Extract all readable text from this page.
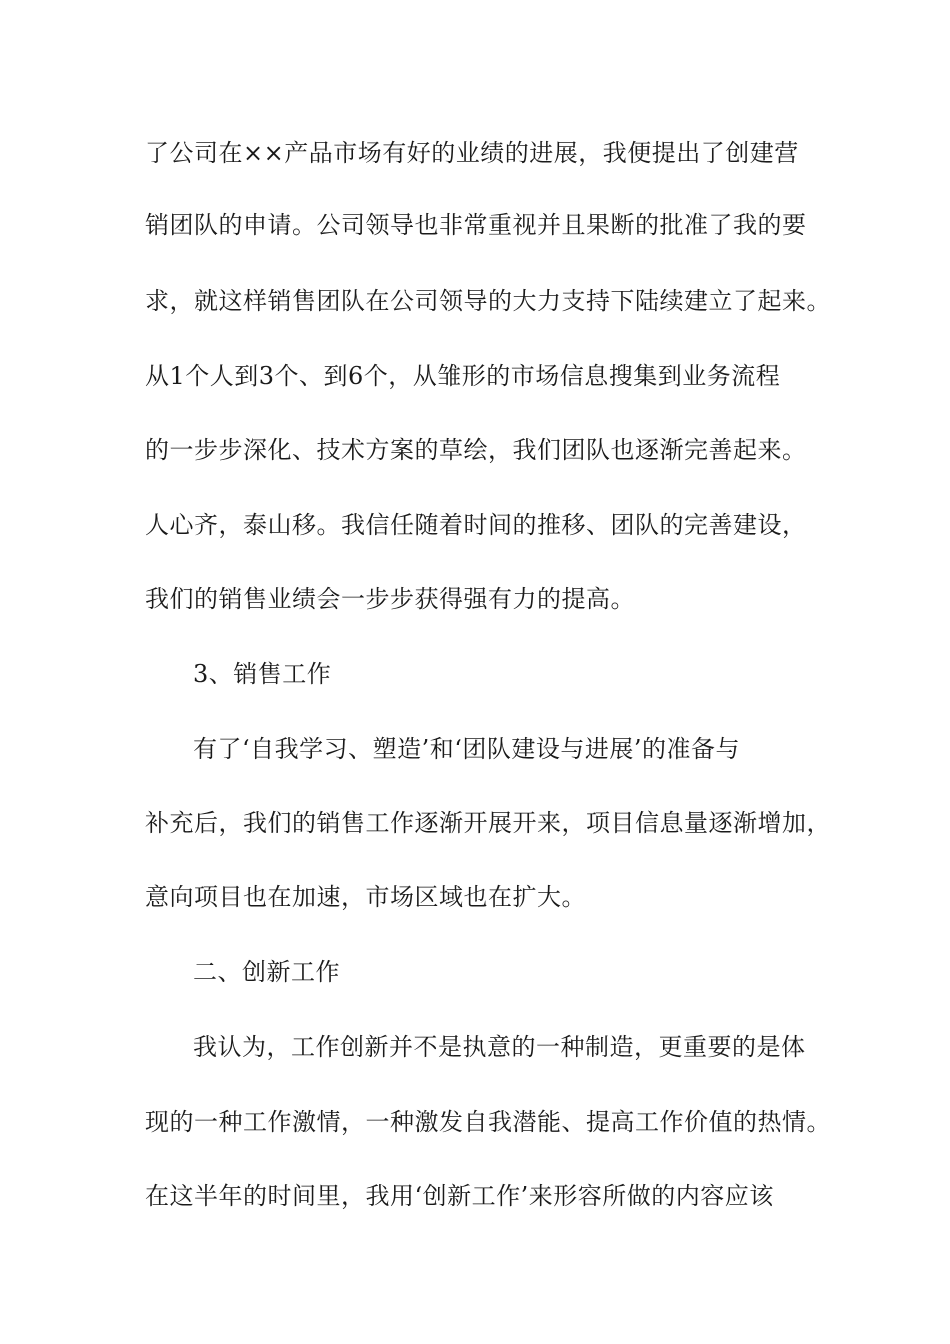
了公司在××产品市场有好的业绩的进展，我便提出了创建营
销团队的申请。公司领导也非常重视并且果断的批准了我的要
求，就这样销售团队在公司领导的大力支持下陆续建立了起来。
从1个人到3个、到6个，从雏形的市场信息搜集到业务流程
的一步步深化、技术方案的草绘，我们团队也逐渐完善起来。
人心齐，泰山移。我信任随着时间的推移、团队的完善建设，
我们的销售业绩会一步步获得强有力的提高。
3、销售工作
有了‘自我学习、塑造’和‘团队建设与进展’的准备与
补充后，我们的销售工作逐渐开展开来，项目信息量逐渐增加，
意向项目也在加速，市场区域也在扩大。
二、创新工作
我认为，工作创新并不是执意的一种制造，更重要的是体
现的一种工作激情，一种激发自我潜能、提高工作价值的热情。
在这半年的时间里，我用‘创新工作’来形容所做的内容应该
